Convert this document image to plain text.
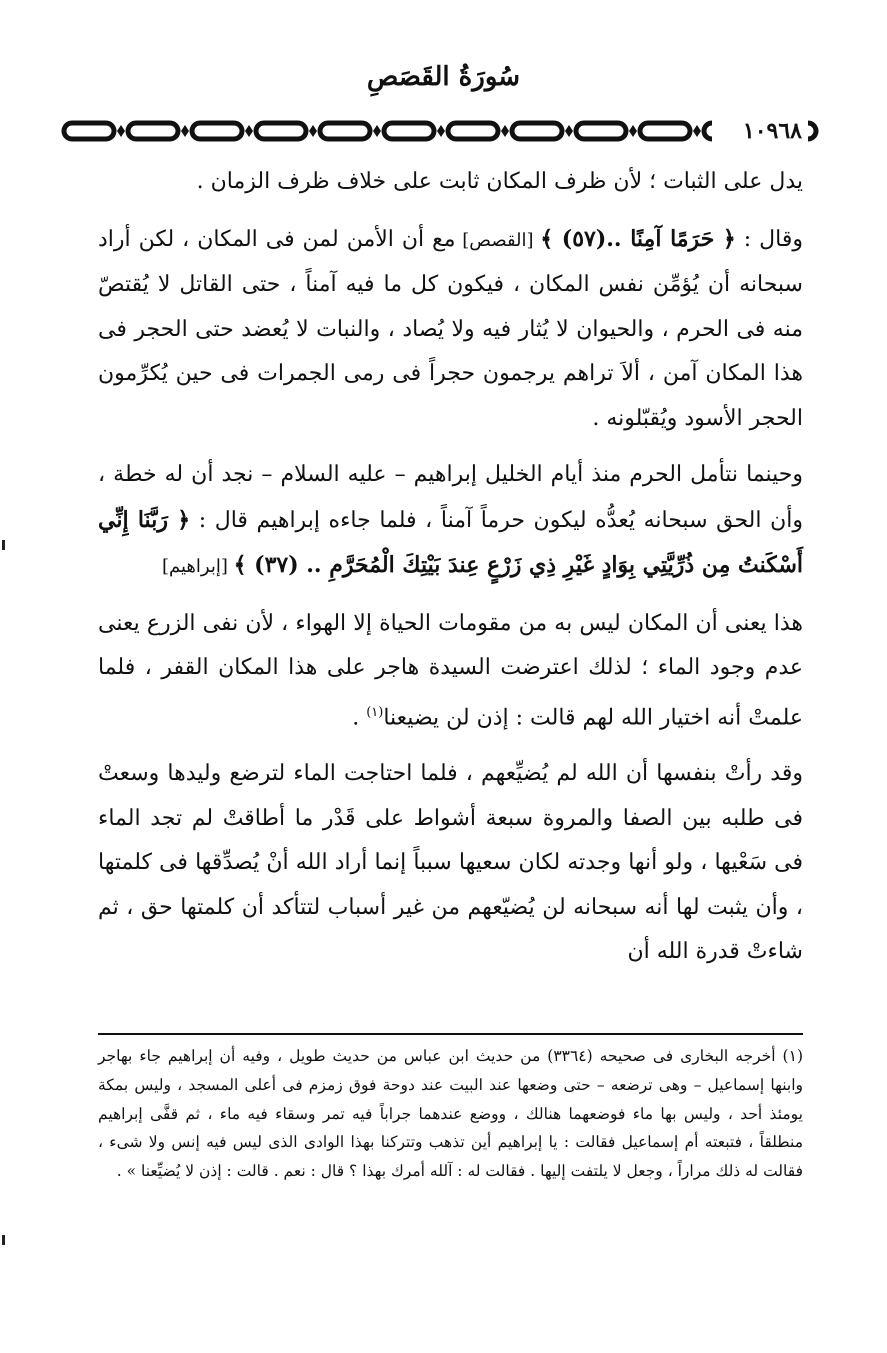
سُورَةُ القَصَصِ
١٠٩٦٨

يدل على الثبات ؛ لأن ظرف المكان ثابت على خلاف ظرف الزمان .

وقال : ﴿ حَرَمًا آمِنًا ..(٥٧) ﴾ [القصص] مع أن الأمن لمن فى المكان ، لكن أراد سبحانه أن يُؤمِّن نفس المكان ، فيكون كل ما فيه آمناً ، حتى القاتل لا يُقتصّ منه فى الحرم ، والحيوان لا يُثار فيه ولا يُصاد ، والنبات لا يُعضد حتى الحجر فى هذا المكان آمن ، ألاَ تراهم يرجمون حجراً فى رمى الجمرات فى حين يُكرِّمون الحجر الأسود ويُقبّلونه .

وحينما نتأمل الحرم منذ أيام الخليل إبراهيم – عليه السلام – نجد أن له خطة ، وأن الحق سبحانه يُعدُّه ليكون حرماً آمناً ، فلما جاءه إبراهيم قال : ﴿ رَبَّنَا إِنِّي أَسْكَنتُ مِن ذُرِّيَّتِي بِوَادٍ غَيْرِ ذِي زَرْعٍ عِندَ بَيْتِكَ الْمُحَرَّمِ .. (٣٧) ﴾ [إبراهيم]

هذا يعنى أن المكان ليس به من مقومات الحياة إلا الهواء ، لأن نفى الزرع يعنى عدم وجود الماء ؛ لذلك اعترضت السيدة هاجر على هذا المكان القفر ، فلما علمتْ أنه اختيار الله لهم قالت : إذن لن يضيعنا$^{(١)}$ .

وقد رأتْ بنفسها أن الله لم يُضيِّعهم ، فلما احتاجت الماء لترضع وليدها وسعتْ فى طلبه بين الصفا والمروة سبعة أشواط على قَدْر ما أطاقتْ لم تجد الماء فى سَعْيها ، ولو أنها وجدته لكان سعيها سبباً إنما أراد الله أنْ يُصدِّقها فى كلمتها ، وأن يثبت لها أنه سبحانه لن يُضيّعهم من غير أسباب لتتأكد أن كلمتها حق ، ثم شاءتْ قدرة الله أن

(١) أخرجه البخارى فى صحيحه (٣٣٦٤) من حديث ابن عباس من حديث طويل ، وفيه أن إبراهيم جاء بهاجر وابنها إسماعيل – وهى ترضعه – حتى وضعها عند البيت عند دوحة فوق زمزم فى أعلى المسجد ، وليس بمكة يومئذ أحد ، وليس بها ماء فوضعهما هنالك ، ووضع عندهما جراباً فيه تمر وسقاء فيه ماء ، ثم قفَّى إبراهيم منطلقاً ، فتبعته أم إسماعيل فقالت : يا إبراهيم أين تذهب وتتركنا بهذا الوادى الذى ليس فيه إنس ولا شىء ، فقالت له ذلك مراراً ، وجعل لا يلتفت إليها . فقالت له : آلله أمرك بهذا ؟ قال : نعم . قالت : إذن لا يُضيِّعنا » .
